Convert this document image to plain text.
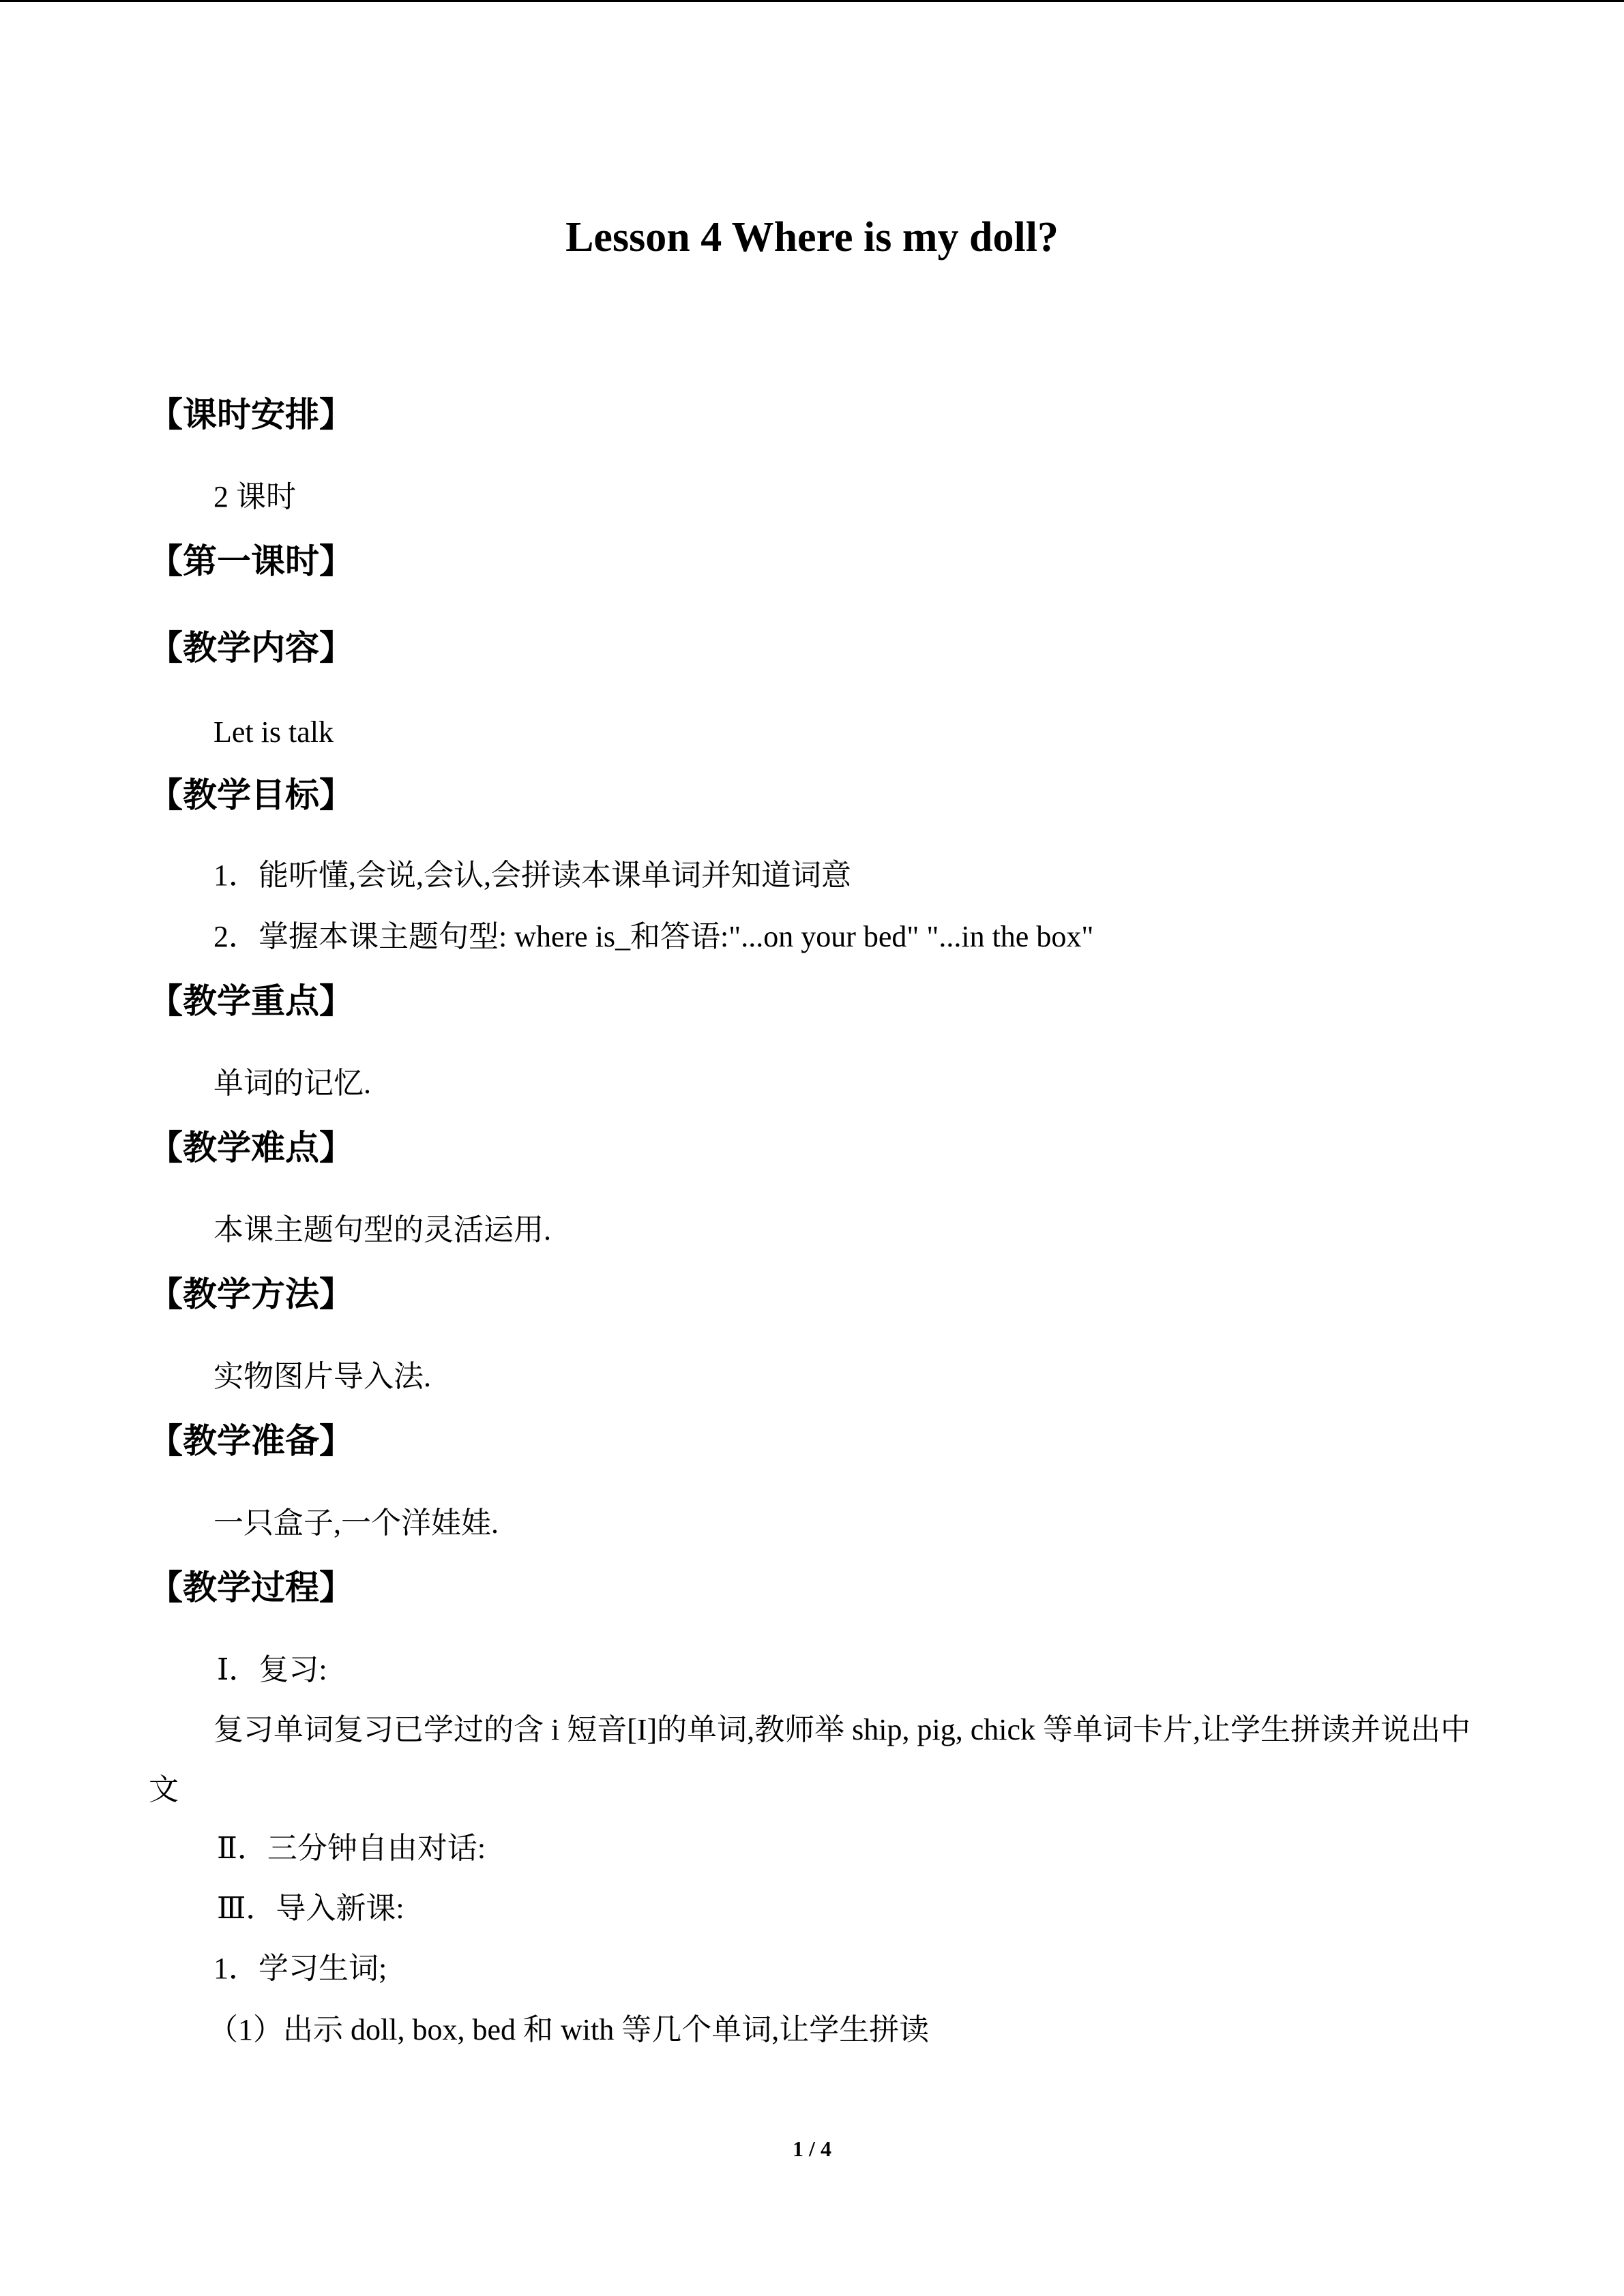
Lesson 4 Where is my doll?
【课时安排】
2 课时
【第一课时】
【教学内容】
Let is talk
【教学目标】
1．能听懂,会说,会认,会拼读本课单词并知道词意
2．掌握本课主题句型: where is_和答语:"...on your bed" "...in the box"
【教学重点】
单词的记忆.
【教学难点】
本课主题句型的灵活运用.
【教学方法】
实物图片导入法.
【教学准备】
一只盒子,一个洋娃娃.
【教学过程】
Ⅰ．复习:
复习单词复习已学过的含 i 短音[I]的单词,教师举 ship, pig, chick 等单词卡片,让学生拼读并说出中文
Ⅱ．三分钟自由对话:
Ⅲ．导入新课:
1．学习生词;
（1）出示 doll, box, bed 和 with 等几个单词,让学生拼读
1 / 4
